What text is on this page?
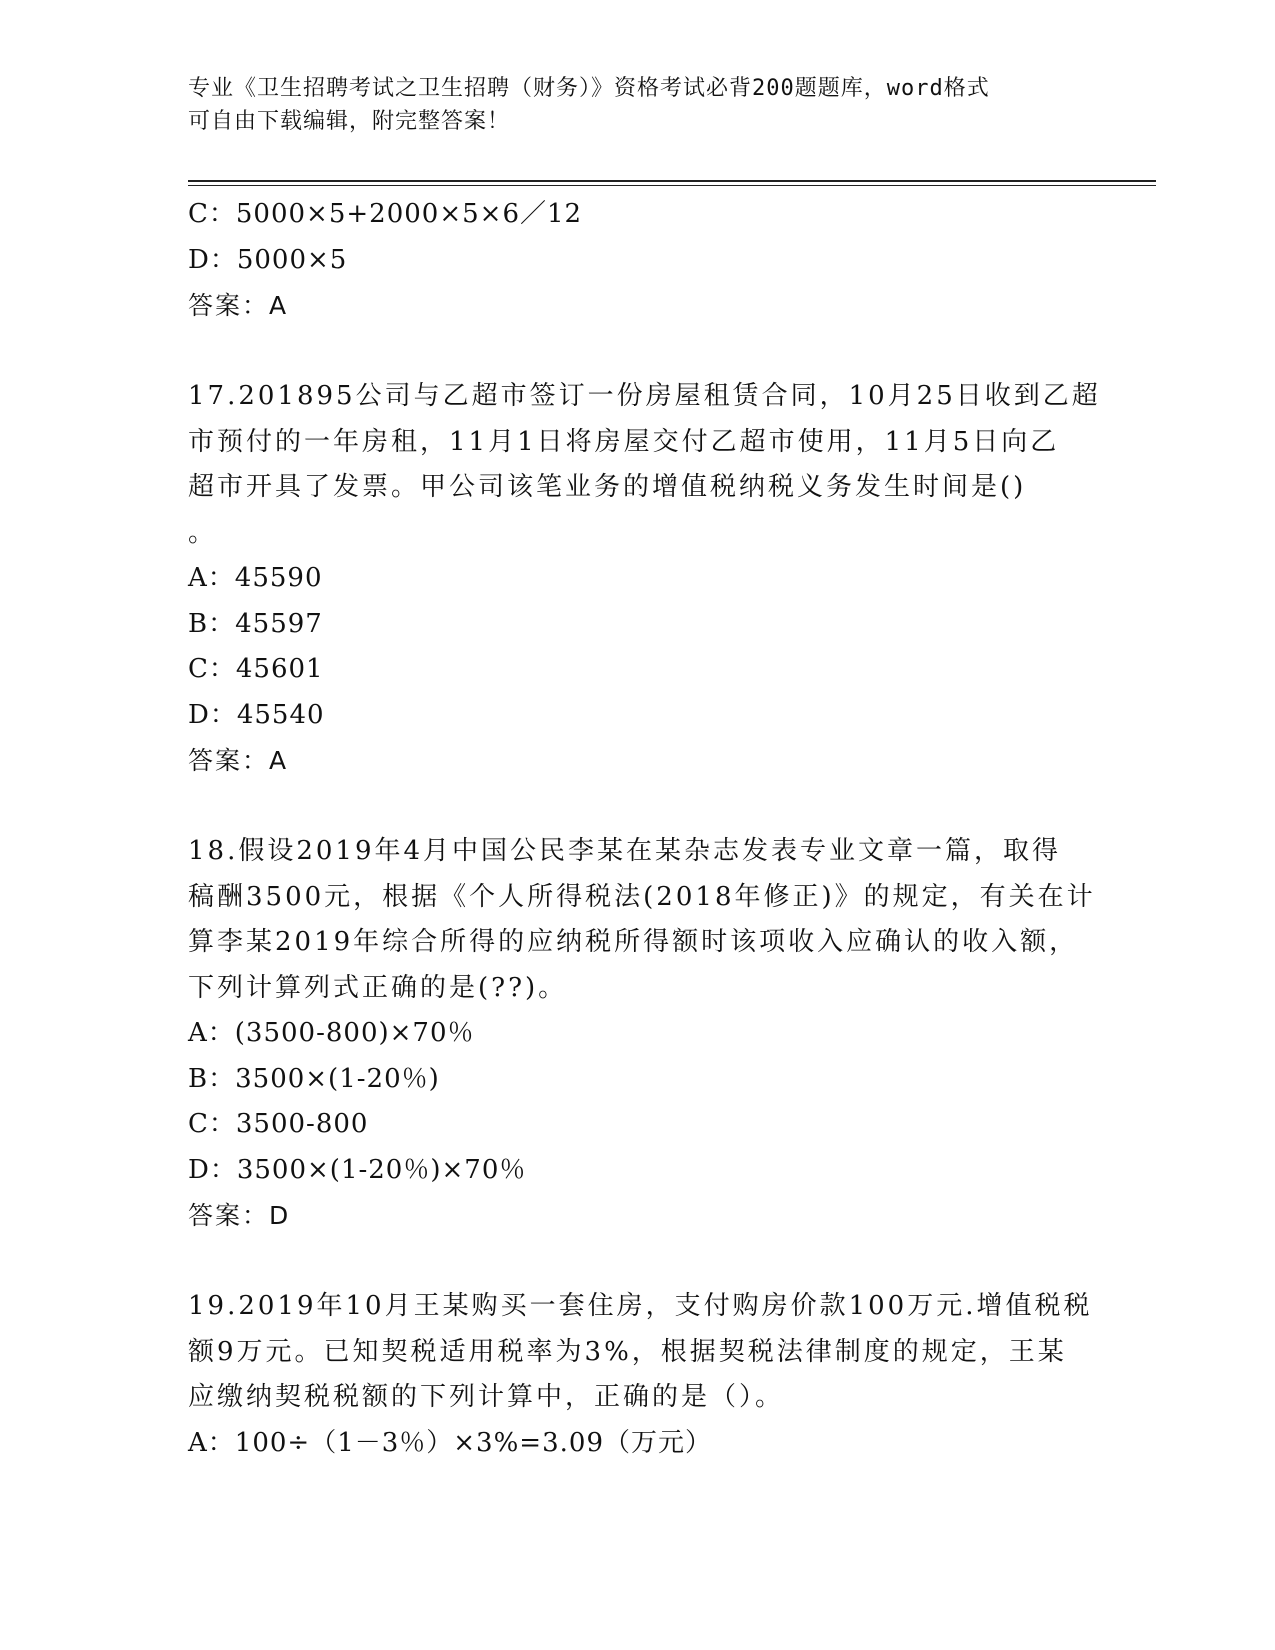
专业《卫生招聘考试之卫生招聘（财务）》资格考试必背200题题库，word格式
可自由下载编辑，附完整答案！
C：5000×5+2000×5×6／12
D：5000×5
答案：A
17.201895公司与乙超市签订一份房屋租赁合同，10月25日收到乙超
市预付的一年房租，11月1日将房屋交付乙超市使用，11月5日向乙
超市开具了发票。甲公司该笔业务的增值税纳税义务发生时间是()
。
A：45590
B：45597
C：45601
D：45540
答案：A
18.假设2019年4月中国公民李某在某杂志发表专业文章一篇，取得
稿酬3500元，根据《个人所得税法(2018年修正)》的规定，有关在计
算李某2019年综合所得的应纳税所得额时该项收入应确认的收入额，
下列计算列式正确的是(??)。
A：(3500-800)×70％
B：3500×(1-20％)
C：3500-800
D：3500×(1-20％)×70％
答案：D
19.2019年10月王某购买一套住房，支付购房价款100万元.增值税税
额9万元。已知契税适用税率为3%，根据契税法律制度的规定，王某
应缴纳契税税额的下列计算中，正确的是（）。
A：100÷（1－3％）×3%=3.09（万元）
